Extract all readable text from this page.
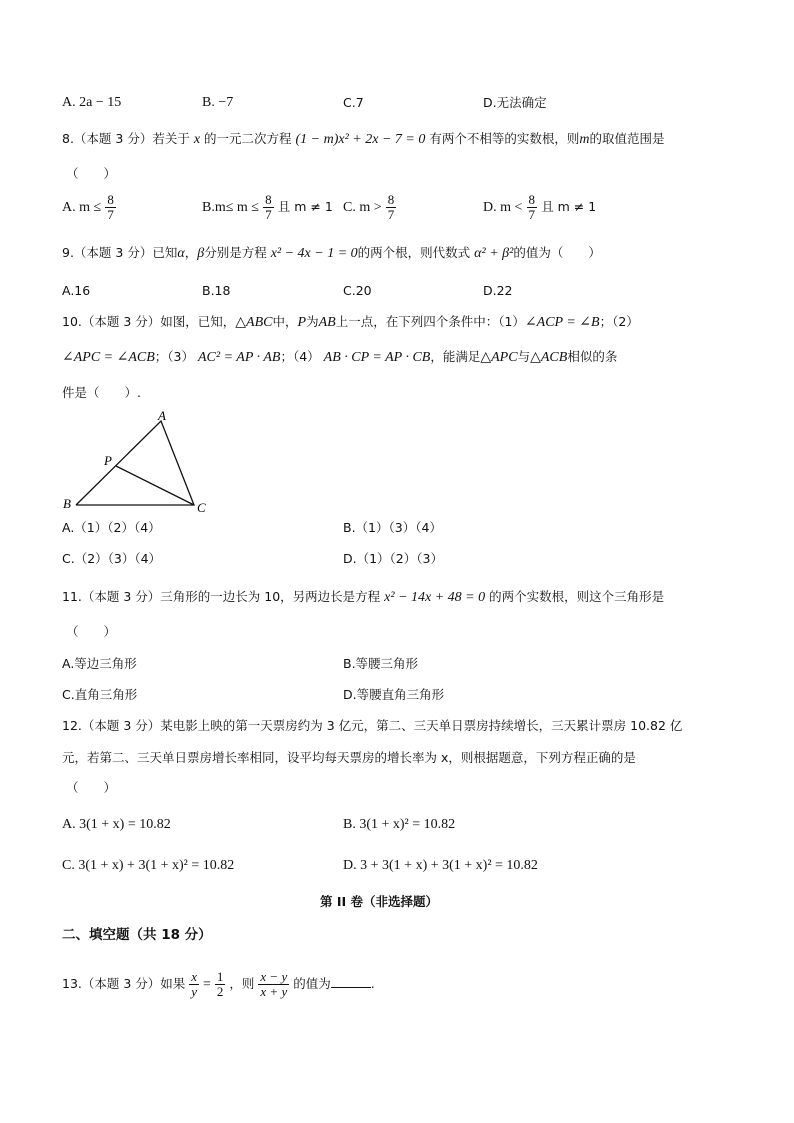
A. 2a − 15	B. −7	C.7	D.无法确定
8.（本题 3 分）若关于 x 的一元二次方程 (1 − m)x² + 2x − 7 = 0 有两个不相等的实数根，则m的取值范围是
（　　）
A. $m \le \frac{8}{7}$	$B.m\le m \le \frac{8}{7}$ 且 m ≠ 1 C. $m > \frac{8}{7}$	D. $m < \frac{8}{7}$ 且 m ≠ 1
9.（本题 3 分）已知α，β分别是方程 x² − 4x − 1 = 0的两个根，则代数式 α² + β²的值为（　　）
A.16	B.18	C.20	D.22
10.（本题 3 分）如图，已知，△ABC中，P为AB上一点，在下列四个条件中：（1）∠ACP = ∠B；（2）
∠APC = ∠ACB；（3） AC² = AP · AB；（4） AB · CP = AP · CB，能满足△APC与△ACB相似的条
件是（　　）.
A
P
B	C
A.（1）（2）（4）	B.（1）（3）（4）
C.（2）（3）（4）	D.（1）（2）（3）
11.（本题 3 分）三角形的一边长为 10，另两边长是方程 x² − 14x + 48 = 0 的两个实数根，则这个三角形是
（　　）
A.等边三角形	B.等腰三角形
C.直角三角形	D.等腰直角三角形
12.（本题 3 分）某电影上映的第一天票房约为 3 亿元，第二、三天单日票房持续增长，三天累计票房 10.82 亿
元，若第二、三天单日票房增长率相同，设平均每天票房的增长率为 x，则根据题意，下列方程正确的是
（　　）
A. 3(1 + x) = 10.82	B. 3(1 + x)² = 10.82
C. 3(1 + x) + 3(1 + x)² = 10.82	D. 3 + 3(1 + x) + 3(1 + x)² = 10.82
第 II 卷（非选择题）
二、填空题（共 18 分）
13.（本题 3 分）如果 $\frac{x}{y} = \frac{1}{2}$ ，则 $\frac{x - y}{x + y}$ 的值为	.
